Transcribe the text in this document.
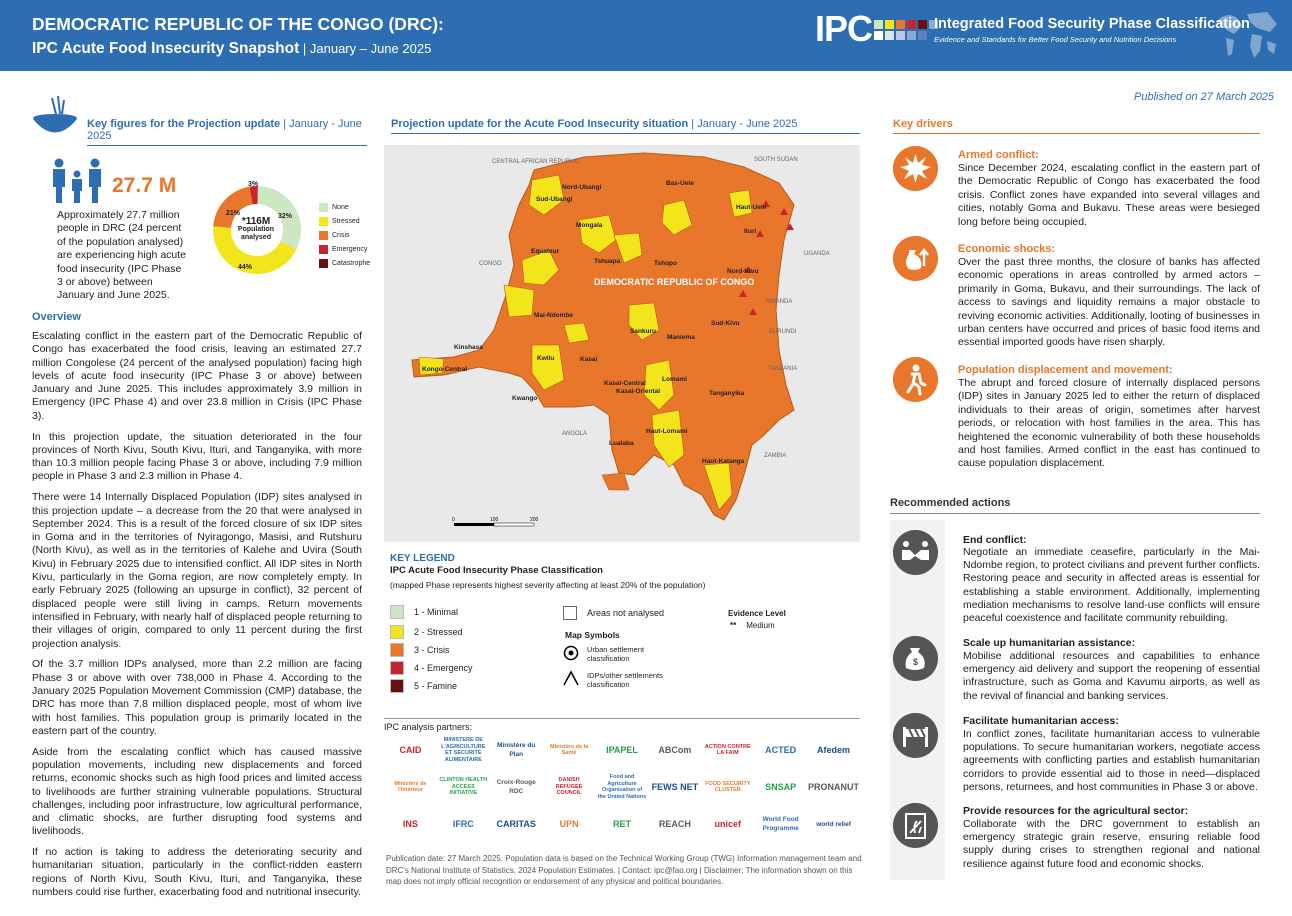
DEMOCRATIC REPUBLIC OF THE CONGO (DRC):
IPC Acute Food Insecurity Snapshot | January – June 2025	IPC	Integrated Food Security Phase Classification
Evidence and Standards for Better Food Security and Nutrition Decisions
Published on 27 March 2025
Key figures for the Projection update | January - June 2025
27.7 M
Approximately 27.7 million people in DRC (24 percent of the population analysed) are experiencing high acute food insecurity (IPC Phase 3 or above) between January and June 2025.
3%
32%
44%
21%
*116M
Population analysed
None
Stressed
Crisis
Emergency
Catastrophe
Overview

Escalating conflict in the eastern part of the Democratic Republic of Congo has exacerbated the food crisis, leaving an estimated 27.7 million Congolese (24 percent of the analysed population) facing high levels of acute food insecurity (IPC Phase 3 or above) between January and June 2025. This includes approximately 3.9 million in Emergency (IPC Phase 4) and over 23.8 million in Crisis (IPC Phase 3).

In this projection update, the situation deteriorated in the four provinces of North Kivu, South Kivu, Ituri, and Tanganyika, with more than 10.3 million people facing Phase 3 or above, including 7.9 million people in Phase 3 and 2.3 million in Phase 4.

There were 14 Internally Displaced Population (IDP) sites analysed in this projection update – a decrease from the 20 that were analysed in September 2024. This is a result of the forced closure of six IDP sites in Goma and in the territories of Nyiragongo, Masisi, and Rutshuru (North Kivu), as well as in the territories of Kalehe and Uvira (South Kivu) in February 2025 due to intensified conflict. All IDP sites in North Kivu, particularly in the Goma region, are now completely empty. In early February 2025 (following an upsurge in conflict), 32 percent of displaced people were still living in camps. Return movements intensified in February, with nearly half of displaced people returning to their villages of origin, compared to only 11 percent during the first projection analysis.

Of the 3.7 million IDPs analysed, more than 2.2 million are facing Phase 3 or above with over 738,000 in Phase 4. According to the January 2025 Population Movement Commission (CMP) database, the DRC has more than 7.8 million displaced people, most of whom live with host families. This population group is primarily located in the eastern part of the country.

Aside from the escalating conflict which has caused massive population movements, including new displacements and forced returns, economic shocks such as high food prices and limited access to livelihoods are further straining vulnerable populations. Structural challenges, including poor infrastructure, low agricultural performance, and climatic shocks, are further disrupting food systems and livelihoods.

If no action is taking to address the deteriorating security and humanitarian situation, particularly in the conflict-ridden eastern regions of North Kivu, South Kivu, Ituri, and Tanganyika, these numbers could rise further, exacerbating food and nutritional insecurity.

Projection update for the Acute Food Insecurity situation | January - June 2025
CENTRAL AFRICAN REPUBLIC	SOUTH SUDAN
CONGO
UGANDA
RWANDA
BURUNDI
TANZANIA
ANGOLA
ZAMBIA
DEMOCRATIC REPUBLIC OF CONGO
Nord-Ubangi
Sud-Ubangi
Bas-Uele
Haut-Uele
Mongala
Equateur
Tshuapa	Tshopo
Ituri
Nord-Kivu
Mai-Ndombe
Sankuru
Maniema
Sud-Kivu
Kinshasa
Kongo-Central
Kwilu	Kasai
Kasai-Central
Kasai-Oriental
Lomami
Kwango
Tanganyika
Haut-Lomami
Lualaba
Haut-Katanga
0	100	200
KEY LEGEND
IPC Acute Food Insecurity Phase Classification
(mapped Phase represents highest severity affecting at least 20% of the population)
1 - Minimal
2 - Stressed
3 - Crisis
4 - Emergency
5 - Famine
Areas not analysed
Map Symbols
Urban settlement classification
IDPs/other settlements classification
Evidence Level
** Medium
IPC analysis partners:
CAID
MINISTERE DE L'AGRICULTURE ET SECURITE ALIMENTAIRE
Ministère du Plan
Ministère de la Santé	IPAPEL	ABCom	ACTION CONTRE LA FAIM	ACTED	Afedem
Ministère de l'Intérieur
CLINTON HEALTH ACCESS INITIATIVE
Croix-Rouge RDC
DANISH REFUGEE COUNCIL
Food and Agriculture Organization of the United Nations
FEWS NET	FOOD SECURITY CLUSTER	SNSAP	PRONANUT
INS	IFRC	CARITAS	UPN	RET	REACH	unicef	World Food Programme
world relief
Publication date: 27 March 2025. Population data is based on the Technical Working Group (TWG) Information management team and DRC's National Institute of Statistics, 2024 Population Estimates. | Contact: ipc@fao.org | Disclaimer: The information shown on this map does not imply official recognition or endorsement of any physical and political boundaries.
Key drivers
Armed conflict:
Since December 2024, escalating conflict in the eastern part of the Democratic Republic of Congo has exacerbated the food crisis. Conflict zones have expanded into several villages and cities, notably Goma and Bukavu. These areas were besieged long before being occupied.
Economic shocks:
Over the past three months, the closure of banks has affected economic operations in areas controlled by armed actors – primarily in Goma, Bukavu, and their surroundings. The lack of access to savings and liquidity remains a major obstacle to reviving economic activities. Additionally, looting of businesses in urban centers have occurred and prices of basic food items and essential imported goods have risen sharply.
Population displacement and movement:
The abrupt and forced closure of internally displaced persons (IDP) sites in January 2025 led to either the return of displaced individuals to their areas of origin, sometimes after harvest periods, or relocation with host families in the area. This has heightened the economic vulnerability of both these households and host families. Armed conflict in the east has continued to cause population displacement.
Recommended actions
End conflict:
Negotiate an immediate ceasefire, particularly in the Mai-Ndombe region, to protect civilians and prevent further conflicts. Restoring peace and security in affected areas is essential for establishing a stable environment. Additionally, implementing mediation mechanisms to resolve land-use conflicts will ensure peaceful coexistence and facilitate community rebuilding.
$
Scale up humanitarian assistance:
Mobilise additional resources and capabilities to enhance emergency aid delivery and support the reopening of essential infrastructure, such as Goma and Kavumu airports, as well as the revival of financial and banking services.
Facilitate humanitarian access:
In conflict zones, facilitate humanitarian access to vulnerable populations. To secure humanitarian workers, negotiate access agreements with conflicting parties and establish humanitarian corridors to provide essential aid to those in need—displaced persons, returnees, and host communities in Phase 3 or above.
Provide resources for the agricultural sector:
Collaborate with the DRC government to establish an emergency strategic grain reserve, ensuring reliable food supply during crises to strengthen regional and national resilience against future food and economic shocks.
